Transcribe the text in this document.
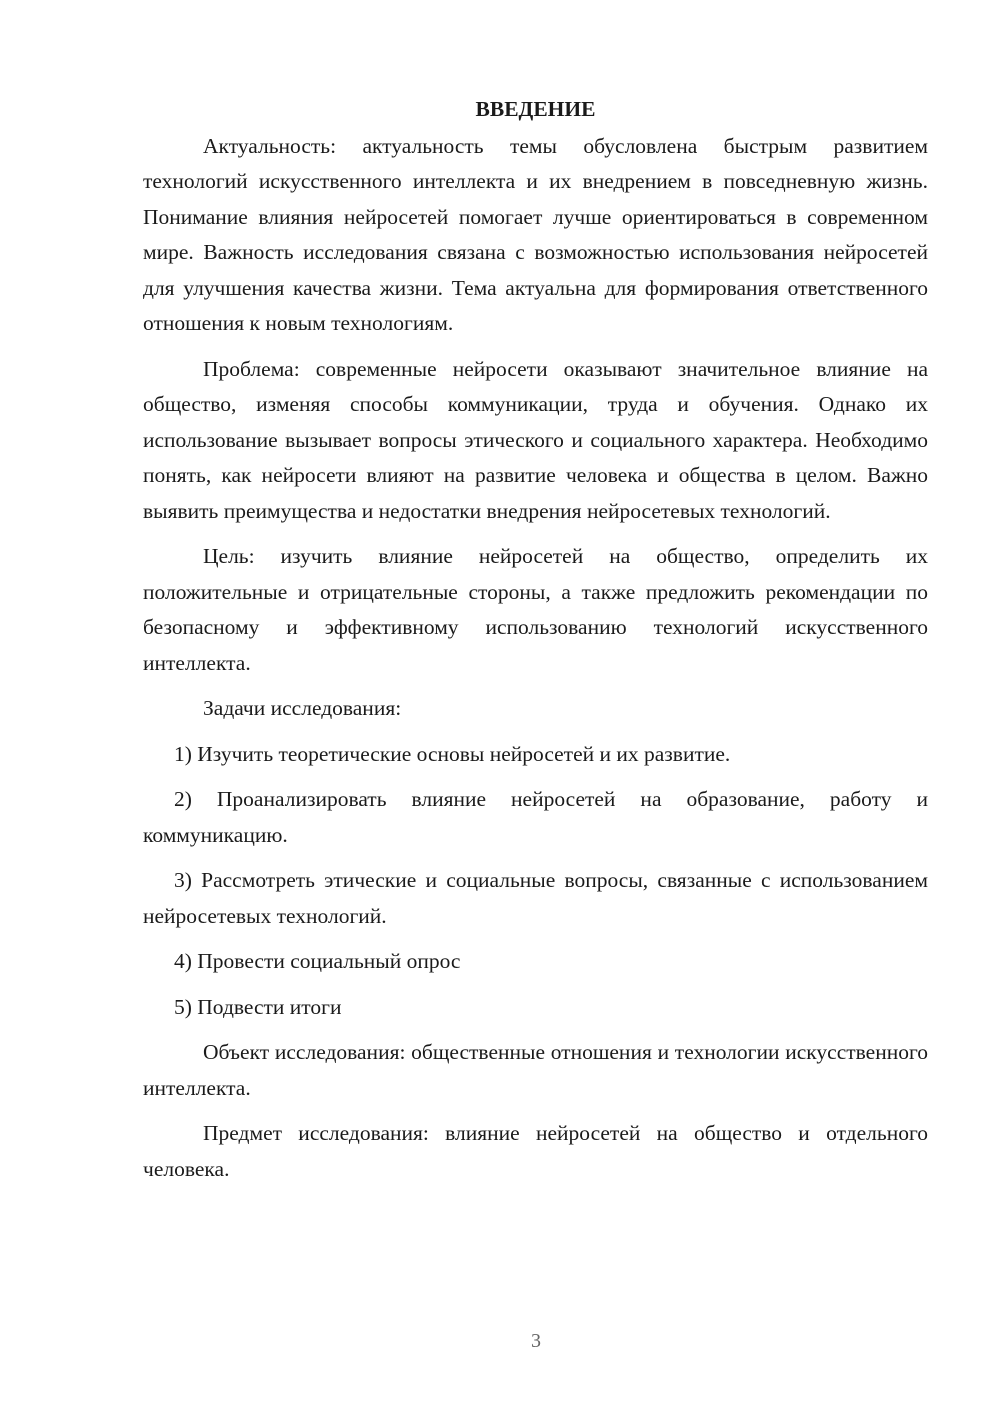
ВВЕДЕНИЕ

Актуальность: актуальность темы обусловлена быстрым развитием технологий искусственного интеллекта и их внедрением в повседневную жизнь. Понимание влияния нейросетей помогает лучше ориентироваться в современном мире. Важность исследования связана с возможностью использования нейросетей для улучшения качества жизни. Тема актуальна для формирования ответственного отношения к новым технологиям.

Проблема: современные нейросети оказывают значительное влияние на общество, изменяя способы коммуникации, труда и обучения. Однако их использование вызывает вопросы этического и социального характера. Необходимо понять, как нейросети влияют на развитие человека и общества в целом. Важно выявить преимущества и недостатки внедрения нейросетевых технологий.

Цель: изучить влияние нейросетей на общество, определить их положительные и отрицательные стороны, а также предложить рекомендации по безопасному и эффективному использованию технологий искусственного интеллекта.

Задачи исследования:

1) Изучить теоретические основы нейросетей и их развитие.

2) Проанализировать влияние нейросетей на образование, работу и коммуникацию.

3) Рассмотреть этические и социальные вопросы, связанные с использованием нейросетевых технологий.

4) Провести социальный опрос

5) Подвести итоги

Объект исследования: общественные отношения и технологии искусственного интеллекта.

Предмет исследования: влияние нейросетей на общество и отдельного человека.

3
